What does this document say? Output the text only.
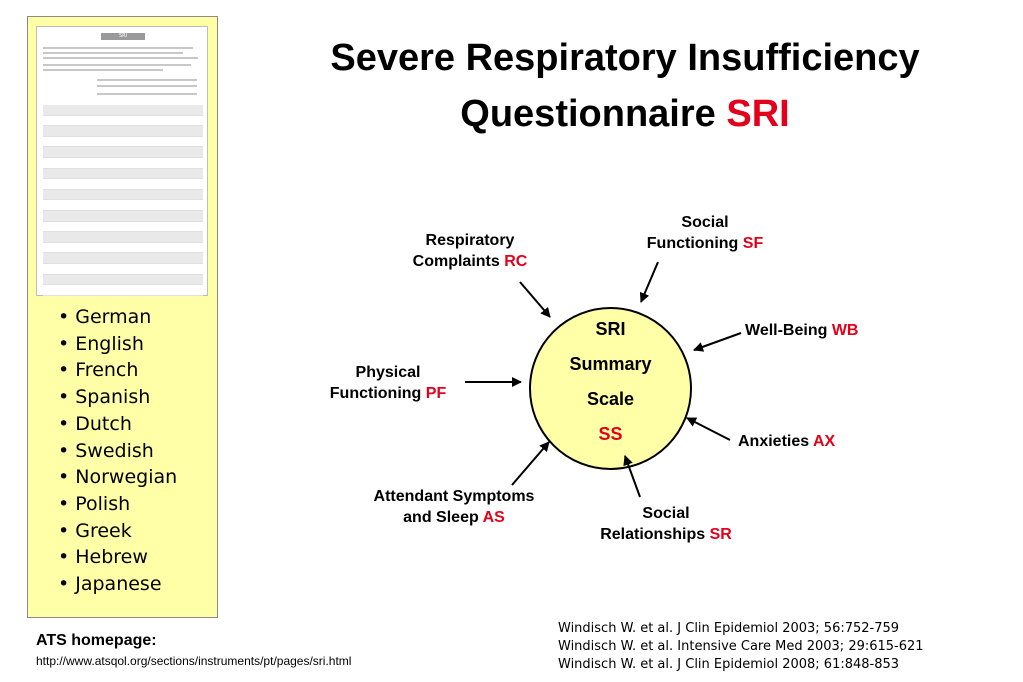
SRI
• German
• English
• French
• Spanish
• Dutch
• Swedish
• Norwegian
• Polish
• Greek
• Hebrew
• Japanese
Severe Respiratory Insufficiency
Questionnaire SRI
SRI
Summary
Scale
SS
Respiratory
Complaints RC
Social
Functioning SF
Well-Being WB
Physical
Functioning PF
Anxieties AX
Attendant Symptoms
and Sleep AS	Social
Relationships SR
ATS homepage:
http://www.atsqol.org/sections/instruments/pt/pages/sri.html
Windisch W. et al. J Clin Epidemiol 2003; 56:752-759
Windisch W. et al. Intensive Care Med 2003; 29:615-621
Windisch W. et al. J Clin Epidemiol 2008; 61:848-853
